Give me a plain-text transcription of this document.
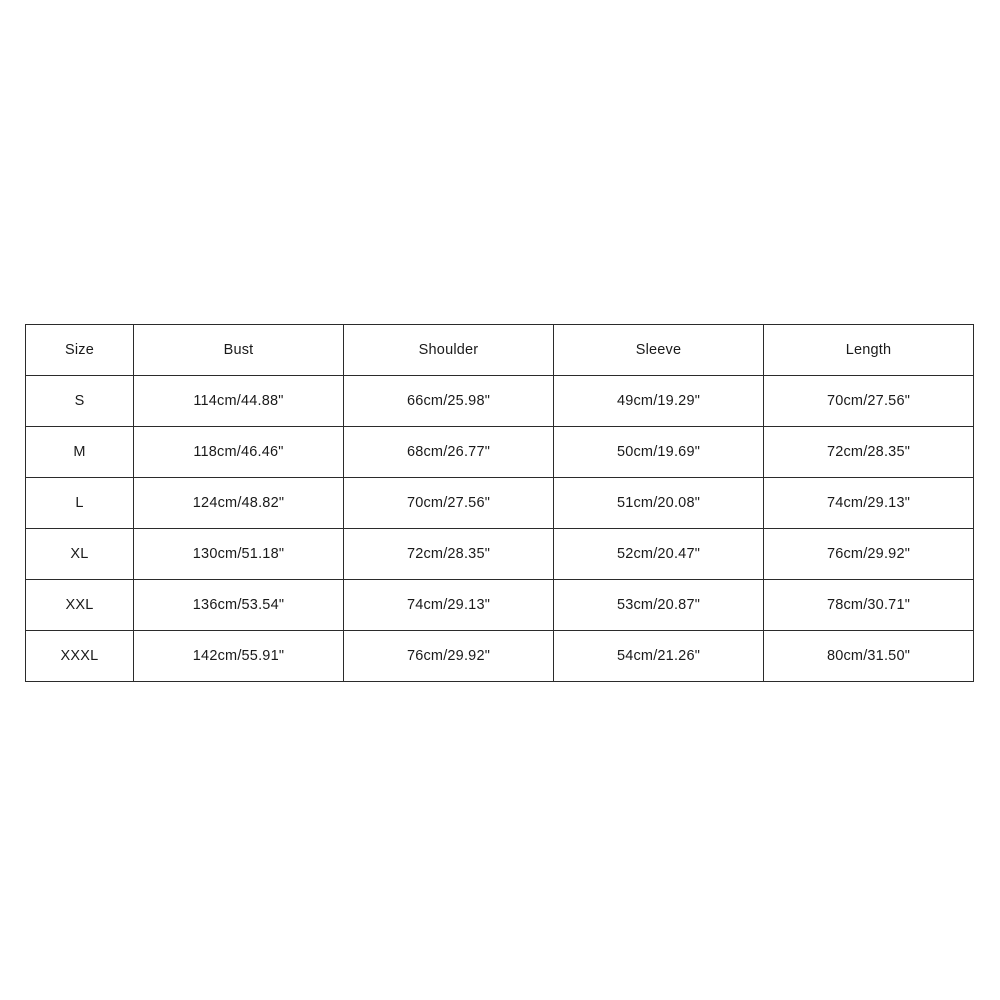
Size	Bust	Shoulder	Sleeve	Length
S	114cm/44.88"	66cm/25.98"	49cm/19.29"	70cm/27.56"
M	118cm/46.46"	68cm/26.77"	50cm/19.69"	72cm/28.35"
L	124cm/48.82"	70cm/27.56"	51cm/20.08"	74cm/29.13"
XL	130cm/51.18"	72cm/28.35"	52cm/20.47"	76cm/29.92"
XXL	136cm/53.54"	74cm/29.13"	53cm/20.87"	78cm/30.71"
XXXL	142cm/55.91"	76cm/29.92"	54cm/21.26"	80cm/31.50"
